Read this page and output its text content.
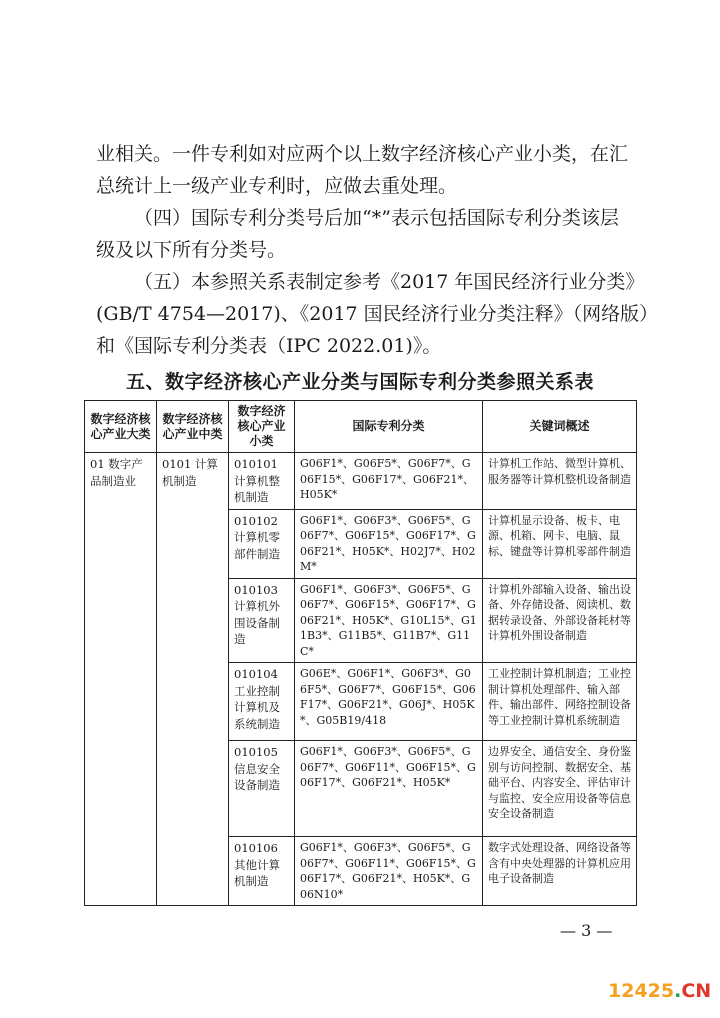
业相关。一件专利如对应两个以上数字经济核心产业小类，在汇
总统计上一级产业专利时，应做去重处理。

（四）国际专利分类号后加“*”表示包括国际专利分类该层
级及以下所有分类号。

（五）本参照关系表制定参考《2017 年国民经济行业分类》
(GB/T 4754—2017)、《2017 国民经济行业分类注释》（网络版）
和《国际专利分类表（IPC 2022.01)》。

五、数字经济核心产业分类与国际专利分类参照关系表
数字经济核心产业大类	数字经济核心产业中类	数字经济核心产业小类	国际专利分类	关键词概述
01 数字产品制造业	0101 计算机制造	010101 计算机整机制造	G06F1*、G06F5*、G06F7*、G06F15*、G06F17*、G06F21*、H05K*	计算机工作站、微型计算机、服务器等计算机整机设备制造
		010102 计算机零部件制造	G06F1*、G06F3*、G06F5*、G06F7*、G06F15*、G06F17*、G06F21*、H05K*、H02J7*、H02M*	计算机显示设备、板卡、电源、机箱、网卡、电脑、鼠标、键盘等计算机零部件制造
		010103 计算机外围设备制造	G06F1*、G06F3*、G06F5*、G06F7*、G06F15*、G06F17*、G06F21*、H05K*、G10L15*、G11B3*、G11B5*、G11B7*、G11C*	计算机外部输入设备、输出设备、外存储设备、阅读机、数据转录设备、外部设备耗材等计算机外围设备制造
		010104 工业控制计算机及系统制造	G06E*、G06F1*、G06F3*、G06F5*、G06F7*、G06F15*、G06F17*、G06F21*、G06J*、H05K*、G05B19/418	工业控制计算机制造；工业控制计算机处理部件、输入部件、输出部件、网络控制设备等工业控制计算机系统制造
		010105 信息安全设备制造	G06F1*、G06F3*、G06F5*、G06F7*、G06F11*、G06F15*、G06F17*、G06F21*、H05K*	边界安全、通信安全、身份鉴别与访问控制、数据安全、基础平台、内容安全、评估审计与监控、安全应用设备等信息安全设备制造
		010106 其他计算机制造	G06F1*、G06F3*、G06F5*、G06F7*、G06F11*、G06F15*、G06F17*、G06F21*、H05K*、G06N10*	数字式处理设备、网络设备等含有中央处理器的计算机应用电子设备制造
— 3 —
12425.CN
